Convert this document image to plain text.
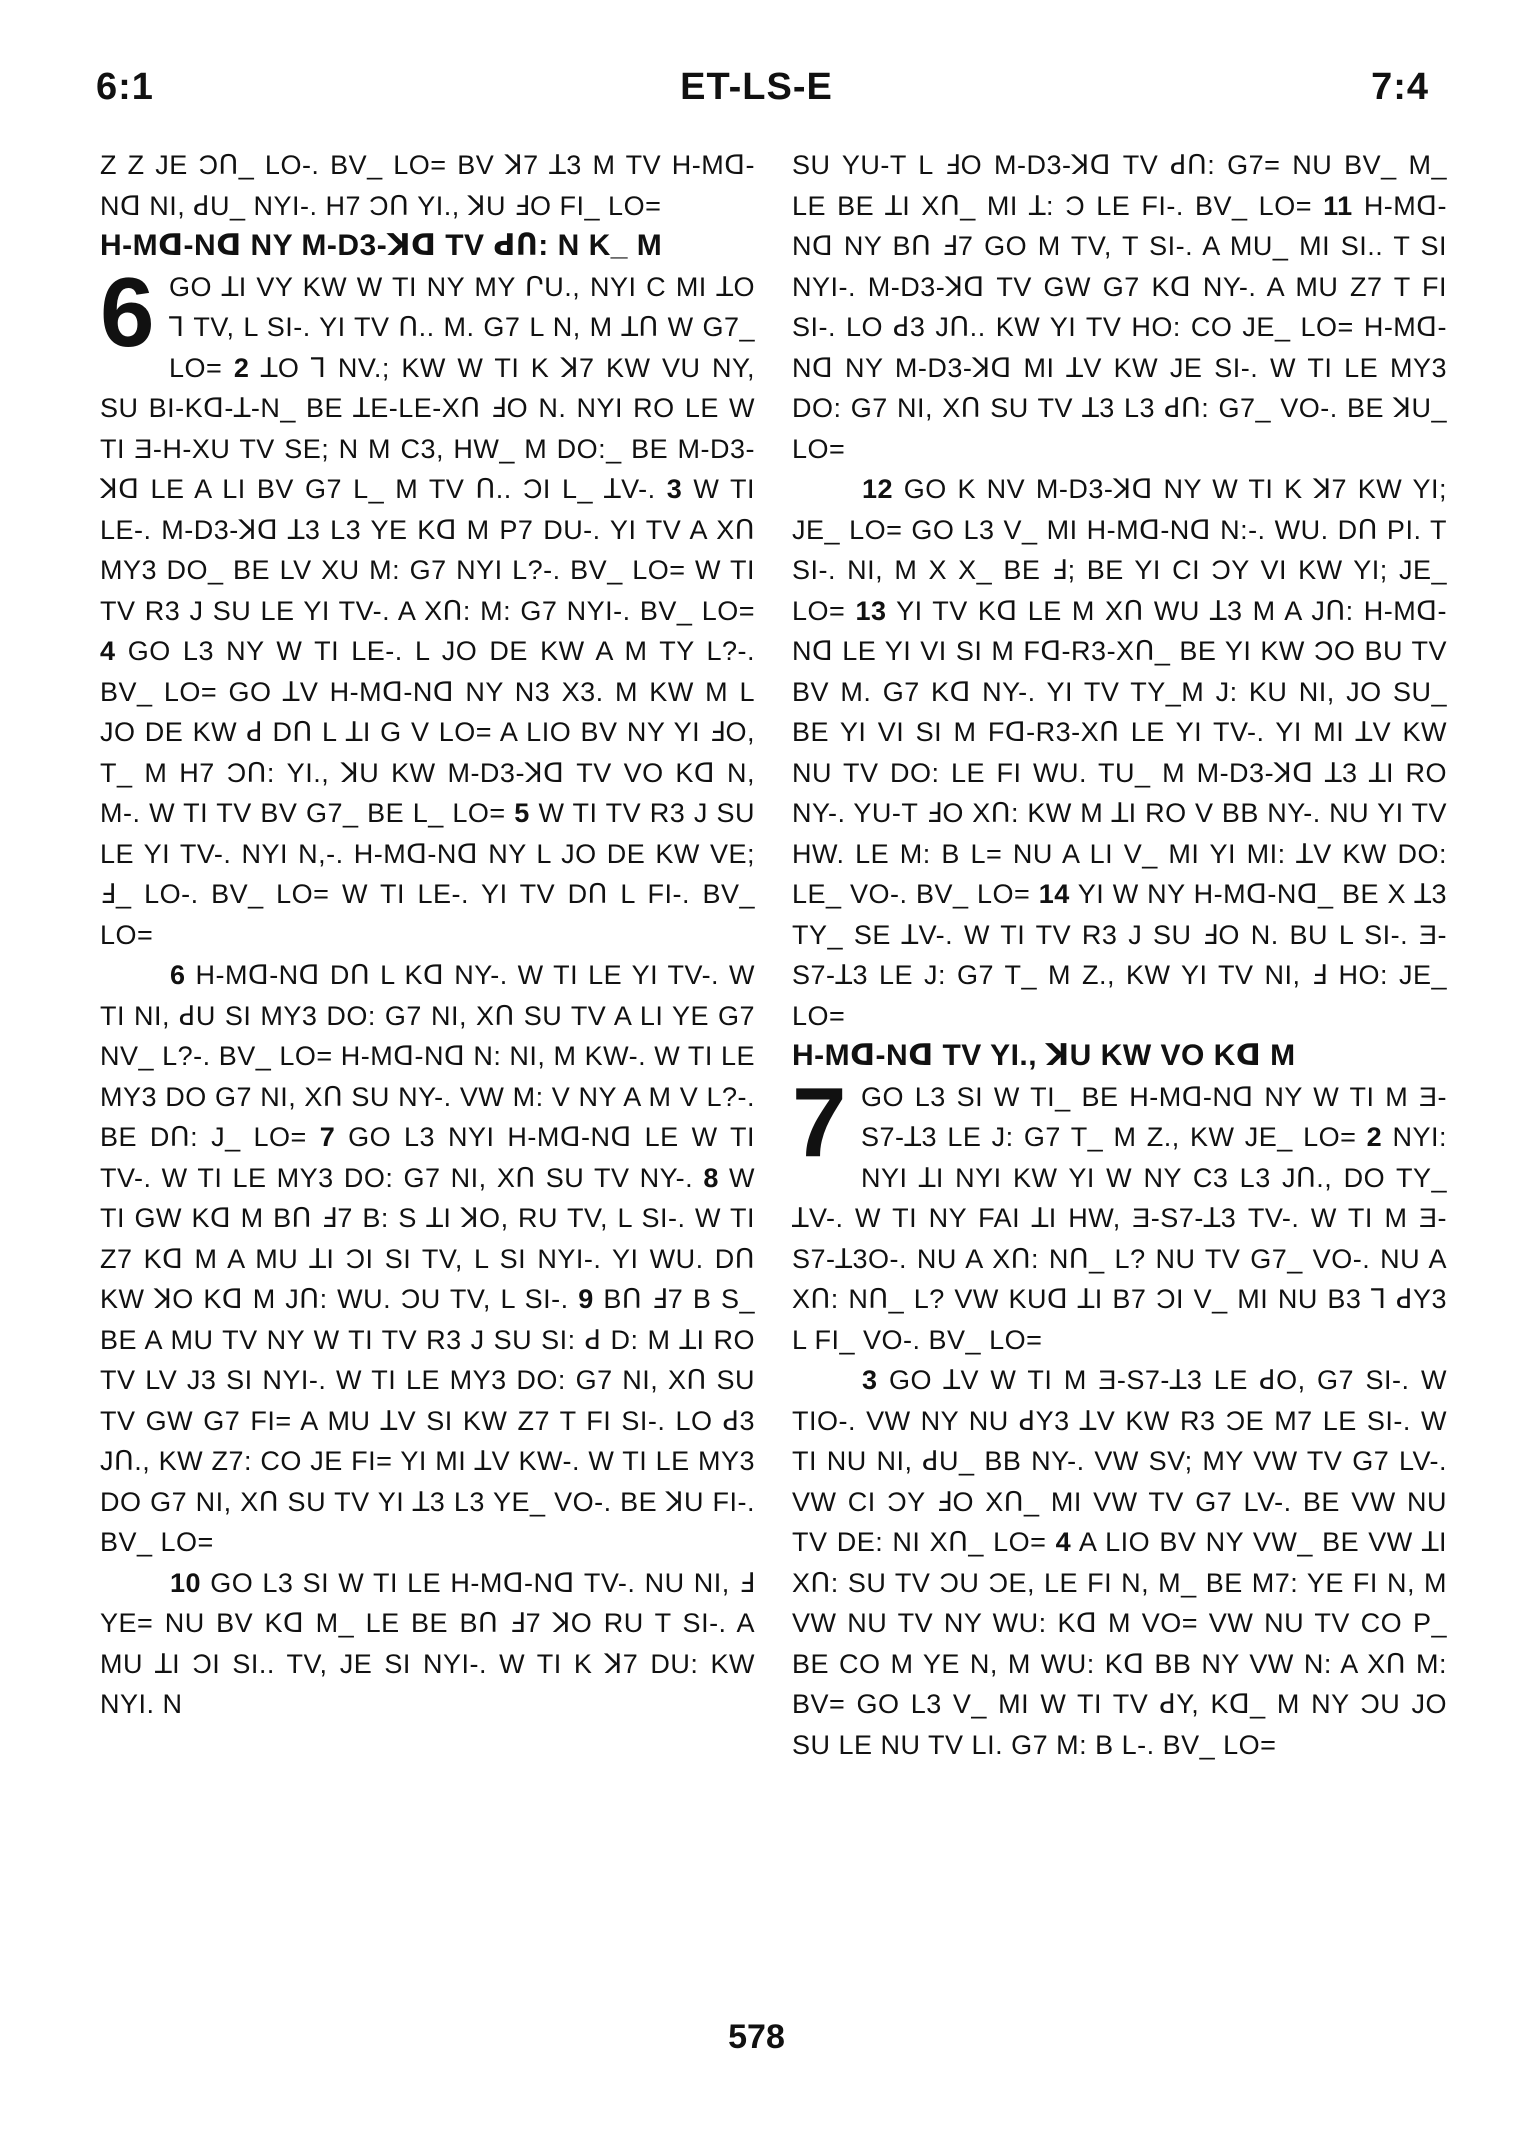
6:1	ET-LS-E	7:4

Z Z JE ƆՈ_ LO-. BV_ LO= BV ꓘ7 ꓕ3 M TV H-Mꓷ-Nꓷ NI, ꓒU_ NYI-. H7 ƆՈ YI., ꓘU ꓞO FI_ LO=

H-Mꓷ-Nꓷ NY M-D3-ꓘꓷ TV ꓒՈ: N K_ M

6 GO ꓕI VY KW W TI NY MY ՐU., NYI C MI ꓕO ꓶ TV, L SI-. YI TV Ո.. M. G7 L N, M ꓕՈ W G7_ LO= 2 ꓕO ꓶ NV.; KW W TI K ꓘ7 KW VU NY, SU BI-Kꓷ-ꓕ-N_ BE ꓕE-LE-XՈ ꓞO N. NYI RO LE W TI Ǝ-H-XU TV SE; N M C3, HW_ M DO:_ BE M-D3-ꓘꓷ LE A LI BV G7 L_ M TV Ո.. ƆI L_ ꓕV-. 3 W TI LE-. M-D3-ꓘꓷ ꓕ3 L3 YE Kꓷ M P7 DU-. YI TV A XՈ MY3 DO_ BE LV XU M: G7 NYI L?-. BV_ LO= W TI TV R3 J SU LE YI TV-. A XՈ: M: G7 NYI-. BV_ LO= 4 GO L3 NY W TI LE-. L JO DE KW A M TY L?-. BV_ LO= GO ꓕV H-Mꓷ-Nꓷ NY N3 X3. M KW M L JO DE KW ꓒ DՈ L ꓕI G V LO= A LIO BV NY YI ꓞO, T_ M H7 ƆՈ: YI., ꓘU KW M-D3-ꓘꓷ TV VO Kꓷ N, M-. W TI TV BV G7_ BE L_ LO= 5 W TI TV R3 J SU LE YI TV-. NYI N,-. H-Mꓷ-Nꓷ NY L JO DE KW VE; ꓞ_ LO-. BV_ LO= W TI LE-. YI TV DՈ L FI-. BV_ LO=

6 H-Mꓷ-Nꓷ DՈ L Kꓷ NY-. W TI LE YI TV-. W TI NI, ꓒU SI MY3 DO: G7 NI, XՈ SU TV A LI YE G7 NV_ L?-. BV_ LO= H-Mꓷ-Nꓷ N: NI, M KW-. W TI LE MY3 DO G7 NI, XՈ SU NY-. VW M: V NY A M V L?-. BE DՈ: J_ LO= 7 GO L3 NYI H-Mꓷ-Nꓷ LE W TI TV-. W TI LE MY3 DO: G7 NI, XՈ SU TV NY-. 8 W TI GW Kꓷ M BՈ ꓞ7 B: S ꓕI ꓘO, RU TV, L SI-. W TI Z7 Kꓷ M A MU ꓕI ƆI SI TV, L SI NYI-. YI WU. DՈ KW ꓘO Kꓷ M JՈ: WU. ƆU TV, L SI-. 9 BՈ ꓞ7 B S_ BE A MU TV NY W TI TV R3 J SU SI: ꓒ D: M ꓕI RO TV LV J3 SI NYI-. W TI LE MY3 DO: G7 NI, XՈ SU TV GW G7 FI= A MU ꓕV SI KW Z7 T FI SI-. LO ꓒ3 JՈ., KW Z7: CO JE FI= YI MI ꓕV KW-. W TI LE MY3 DO G7 NI, XՈ SU TV YI ꓕ3 L3 YE_ VO-. BE ꓘU FI-. BV_ LO=

10 GO L3 SI W TI LE H-Mꓷ-Nꓷ TV-. NU NI, ꓞ YE= NU BV Kꓷ M_ LE BE BՈ ꓞ7 ꓘO RU T SI-. A MU ꓕI ƆI SI.. TV, JE SI NYI-. W TI K ꓘ7 DU: KW NYI. N

SU YU-T L ꓞO M-D3-ꓘꓷ TV ꓒՈ: G7= NU BV_ M_ LE BE ꓕI XՈ_ MI ꓕ: Ɔ LE FI-. BV_ LO= 11 H-Mꓷ-Nꓷ NY BՈ ꓞ7 GO M TV, T SI-. A MU_ MI SI.. T SI NYI-. M-D3-ꓘꓷ TV GW G7 Kꓷ NY-. A MU Z7 T FI SI-. LO ꓒ3 JՈ.. KW YI TV HO: CO JE_ LO= H-Mꓷ-Nꓷ NY M-D3-ꓘꓷ MI ꓕV KW JE SI-. W TI LE MY3 DO: G7 NI, XՈ SU TV ꓕ3 L3 ꓒՈ: G7_ VO-. BE ꓘU_ LO=

12 GO K NV M-D3-ꓘꓷ NY W TI K ꓘ7 KW YI; JE_ LO= GO L3 V_ MI H-Mꓷ-Nꓷ N:-. WU. DՈ PI. T SI-. NI, M X X_ BE ꓞ; BE YI CI ƆY VI KW YI; JE_ LO= 13 YI TV Kꓷ LE M XՈ WU ꓕ3 M A JՈ: H-Mꓷ-Nꓷ LE YI VI SI M Fꓷ-R3-XՈ_ BE YI KW ƆO BU TV BV M. G7 Kꓷ NY-. YI TV TY_M J: KU NI, JO SU_ BE YI VI SI M Fꓷ-R3-XՈ LE YI TV-. YI MI ꓕV KW NU TV DO: LE FI WU. TU_ M M-D3-ꓘꓷ ꓕ3 ꓕI RO NY-. YU-T ꓞO XՈ: KW M ꓕI RO V BB NY-. NU YI TV HW. LE M: B L= NU A LI V_ MI YI MI: ꓕV KW DO: LE_ VO-. BV_ LO= 14 YI W NY H-Mꓷ-Nꓷ_ BE X ꓕ3 TY_ SE ꓕV-. W TI TV R3 J SU ꓞO N. BU L SI-. Ǝ-S7-ꓕ3 LE J: G7 T_ M Z., KW YI TV NI, ꓞ HO: JE_ LO=

H-Mꓷ-Nꓷ TV YI., ꓘU KW VO Kꓷ M

7 GO L3 SI W TI_ BE H-Mꓷ-Nꓷ NY W TI M Ǝ-S7-ꓕ3 LE J: G7 T_ M Z., KW JE_ LO= 2 NYI: NYI ꓕI NYI KW YI W NY C3 L3 JՈ., DO TY_ ꓕV-. W TI NY FAI ꓕI HW, Ǝ-S7-ꓕ3 TV-. W TI M Ǝ-S7-ꓕ3O-. NU A XՈ: NՈ_ L? NU TV G7_ VO-. NU A XՈ: NՈ_ L? VW KUꓷ ꓕI B7 ƆI V_ MI NU B3 ꓶ ꓒY3 L FI_ VO-. BV_ LO=

3 GO ꓕV W TI M Ǝ-S7-ꓕ3 LE ꓒO, G7 SI-. W TIO-. VW NY NU ꓒY3 ꓕV KW R3 ƆE M7 LE SI-. W TI NU NI, ꓒU_ BB NY-. VW SV; MY VW TV G7 LV-. VW CI ƆY ꓞO XՈ_ MI VW TV G7 LV-. BE VW NU TV DE: NI XՈ_ LO= 4 A LIO BV NY VW_ BE VW ꓕI XՈ: SU TV ƆU ƆE, LE FI N, M_ BE M7: YE FI N, M VW NU TV NY WU: Kꓷ M VO= VW NU TV CO P_ BE CO M YE N, M WU: Kꓷ BB NY VW N: A XՈ M: BV= GO L3 V_ MI W TI TV ꓒY, Kꓷ_ M NY ƆU JO SU LE NU TV LI. G7 M: B L-. BV_ LO=

578
